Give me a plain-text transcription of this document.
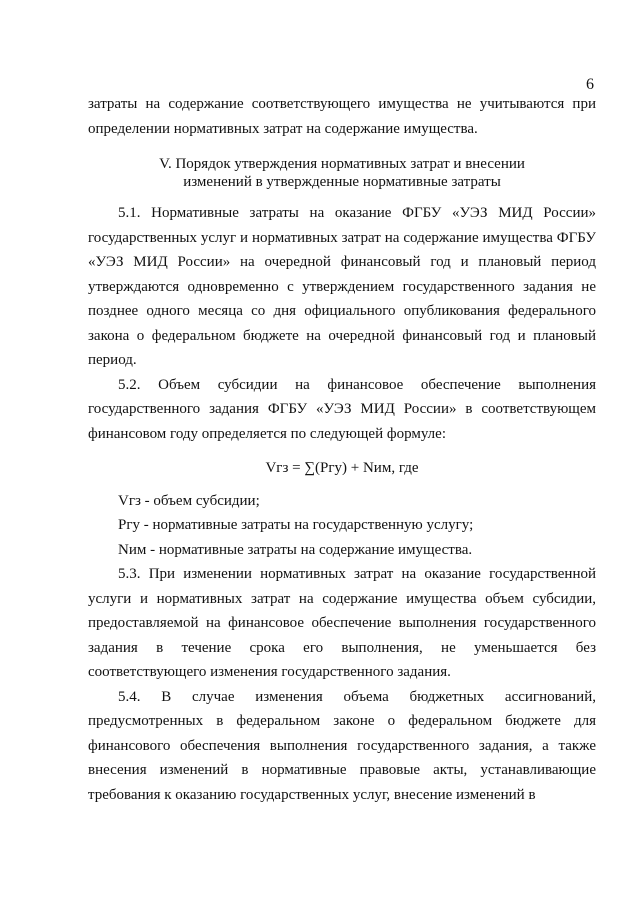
6

затраты на содержание соответствующего имущества не учитываются при определении нормативных затрат на содержание имущества.

V. Порядок утверждения нормативных затрат и внесении
изменений в утвержденные нормативные затраты

5.1. Нормативные затраты на оказание ФГБУ «УЭЗ МИД России» государственных услуг и нормативных затрат на содержание имущества ФГБУ «УЭЗ МИД России» на очередной финансовый год и плановый период утверждаются одновременно с утверждением государственного задания не позднее одного месяца со дня официального опубликования федерального закона о федеральном бюджете на очередной финансовый год и плановый период.

5.2. Объем субсидии на финансовое обеспечение выполнения государственного задания ФГБУ «УЭЗ МИД России» в соответствующем финансовом году определяется по следующей формуле:

Vгз = ∑(Pгу) + Nим, где

Vгз - объем субсидии;

Pгу - нормативные затраты на государственную услугу;

Nим - нормативные затраты на содержание имущества.

5.3. При изменении нормативных затрат на оказание государственной услуги и нормативных затрат на содержание имущества объем субсидии, предоставляемой на финансовое обеспечение выполнения государственного задания в течение срока его выполнения, не уменьшается без соответствующего изменения государственного задания.

5.4. В случае изменения объема бюджетных ассигнований, предусмотренных в федеральном законе о федеральном бюджете для финансового обеспечения выполнения государственного задания, а также внесения изменений в нормативные правовые акты, устанавливающие требования к оказанию государственных услуг, внесение изменений в
